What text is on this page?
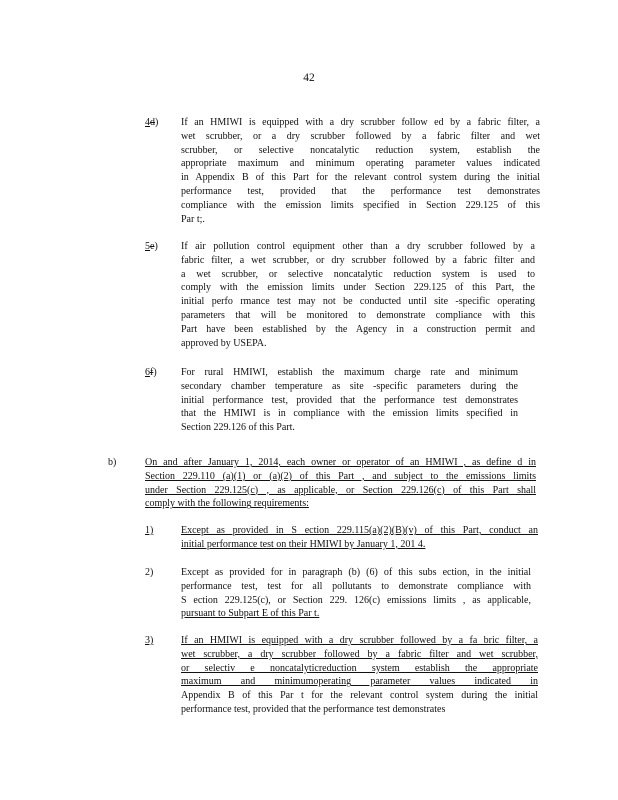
42
4d)	If an HMIWI is equipped with a dry scrubber follow ed by a fabric filter, a
wet scrubber, or a dry scrubber followed by a fabric filter and wet
scrubber, or selective noncatalytic reduction system, establish the
appropriate maximum and minimum operating parameter values indicated
in Appendix B of this Part for the relevant control system during the initial
performance test, provided that the performance test demonstrates
compliance with the emission limits specified in Section 229.125 of this
Par t;.
5e)	If air pollution control equipment other than a dry scrubber followed by a
fabric filter, a wet scrubber, or dry scrubber followed by a fabric filter and
a wet scrubber, or selective noncatalytic reduction system is used to
comply with the emission limits under Section 229.125 of this Part, the
initial perfo rmance test may not be conducted until site -specific operating
parameters that will be monitored to demonstrate compliance with this
Part have been established by the Agency in a construction permit and
approved by USEPA.
6f)	For rural HMIWI, establish the maximum charge rate and minimum
secondary chamber temperature as site -specific parameters during the
initial performance test, provided that the performance test demonstrates
that the HMIWI is in compliance with the emission limits specified in
Section 229.126 of this Part.
b)	On and after January 1, 2014, each owner or operator of an HMIWI , as define d in
Section 229.110 (a)(1) or (a)(2) of this Part , and subject to the emissions limits
under Section 229.125(c) , as applicable, or Section 229.126(c) of this Part shall
comply with the following requirements:
1)	Except as provided in S ection 229.115(a)(2)(B)(v) of this Part, conduct an
initial performance test on their HMIWI by January 1, 201 4.
2)	Except as provided for in paragraph (b) (6) of this subs ection, in the initial
performance test, test for all pollutants to demonstrate compliance with
S ection 229.125(c), or Section 229. 126(c) emissions limits , as applicable,
pursuant to Subpart E of this Par t.
3)	If an HMIWI is equipped with a dry scrubber followed by a fa bric filter, a
wet scrubber, a dry scrubber followed by a fabric filter and wet scrubber,
or selectiv e noncatalyticreduction system establish the appropriate
maximum and minimumoperating parameter values indicated in
Appendix B of this Par t for the relevant control system during the initial
performance test, provided that the performance test demonstrates
